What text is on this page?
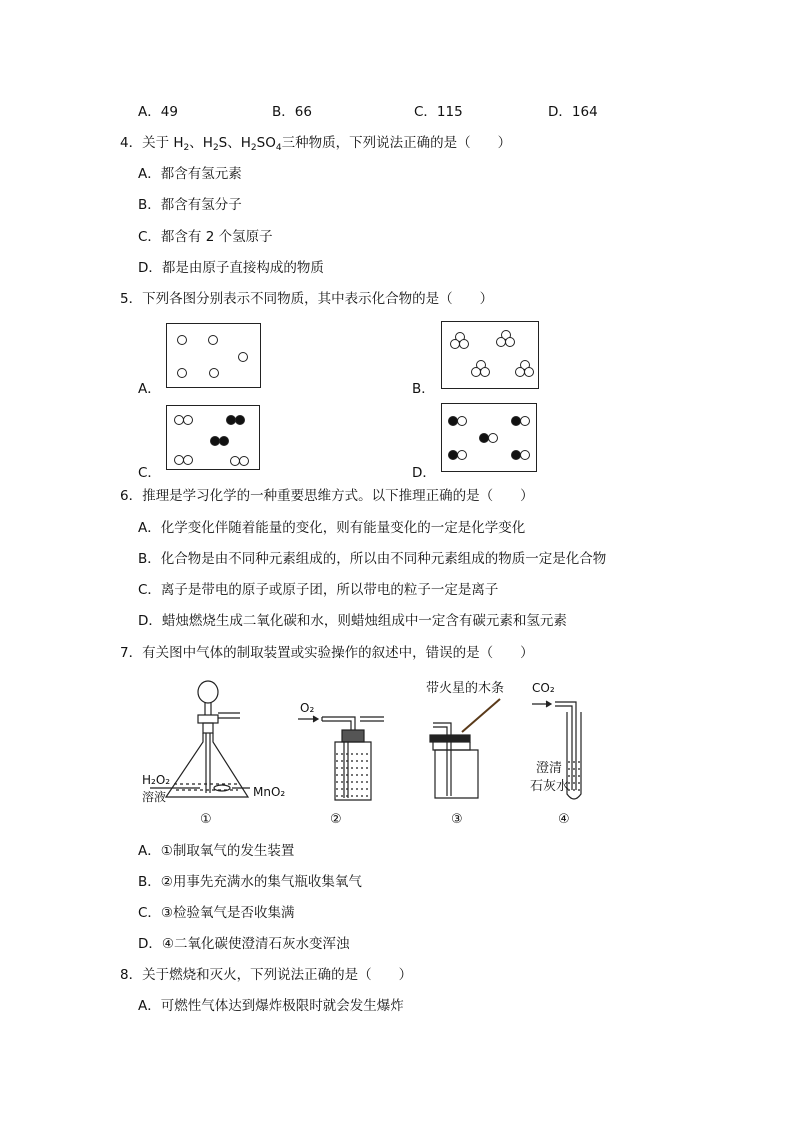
A．49	B．66	C．115	D．164
4．关于 $H_2$、$H_2S$、$H_2SO_4$三种物质，下列说法正确的是（　　）
A．都含有氢元素
B．都含有氢分子
C．都含有 2 个氢原子
D．都是由原子直接构成的物质
5．下列各图分别表示不同物质，其中表示化合物的是（　　）
A．	B．
C．	D．
6．推理是学习化学的一种重要思维方式。以下推理正确的是（　　）
A．化学变化伴随着能量的变化，则有能量变化的一定是化学变化
B．化合物是由不同种元素组成的，所以由不同种元素组成的物质一定是化合物
C．离子是带电的原子或原子团，所以带电的粒子一定是离子
D．蜡烛燃烧生成二氧化碳和水，则蜡烛组成中一定含有碳元素和氢元素
7．有关图中气体的制取装置或实验操作的叙述中，错误的是（　　）
H₂O₂
溶液	MnO₂
①
O₂
②
带火星的木条
③
CO₂
澄清
石灰水
④
A．①制取氧气的发生装置
B．②用事先充满水的集气瓶收集氧气
C．③检验氧气是否收集满
D．④二氧化碳使澄清石灰水变浑浊
8．关于燃烧和灭火，下列说法正确的是（　　）
A．可燃性气体达到爆炸极限时就会发生爆炸
